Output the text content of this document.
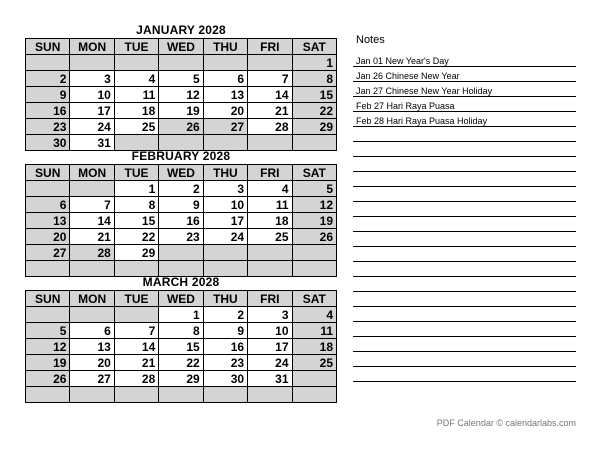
JANUARY 2028
SUN	MON	TUE	WED	THU	FRI	SAT
						1
2	3	4	5	6	7	8
9	10	11	12	13	14	15
16	17	18	19	20	21	22
23	24	25	26	27	28	29
30	31					
FEBRUARY 2028
SUN	MON	TUE	WED	THU	FRI	SAT
		1	2	3	4	5
6	7	8	9	10	11	12
13	14	15	16	17	18	19
20	21	22	23	24	25	26
27	28	29				

MARCH 2028
SUN	MON	TUE	WED	THU	FRI	SAT
			1	2	3	4
5	6	7	8	9	10	11
12	13	14	15	16	17	18
19	20	21	22	23	24	25
26	27	28	29	30	31	

Notes
Jan 01 New Year's Day
Jan 26 Chinese New Year
Jan 27 Chinese New Year Holiday
Feb 27 Hari Raya Puasa
Feb 28 Hari Raya Puasa Holiday
PDF Calendar © calendarlabs.com
